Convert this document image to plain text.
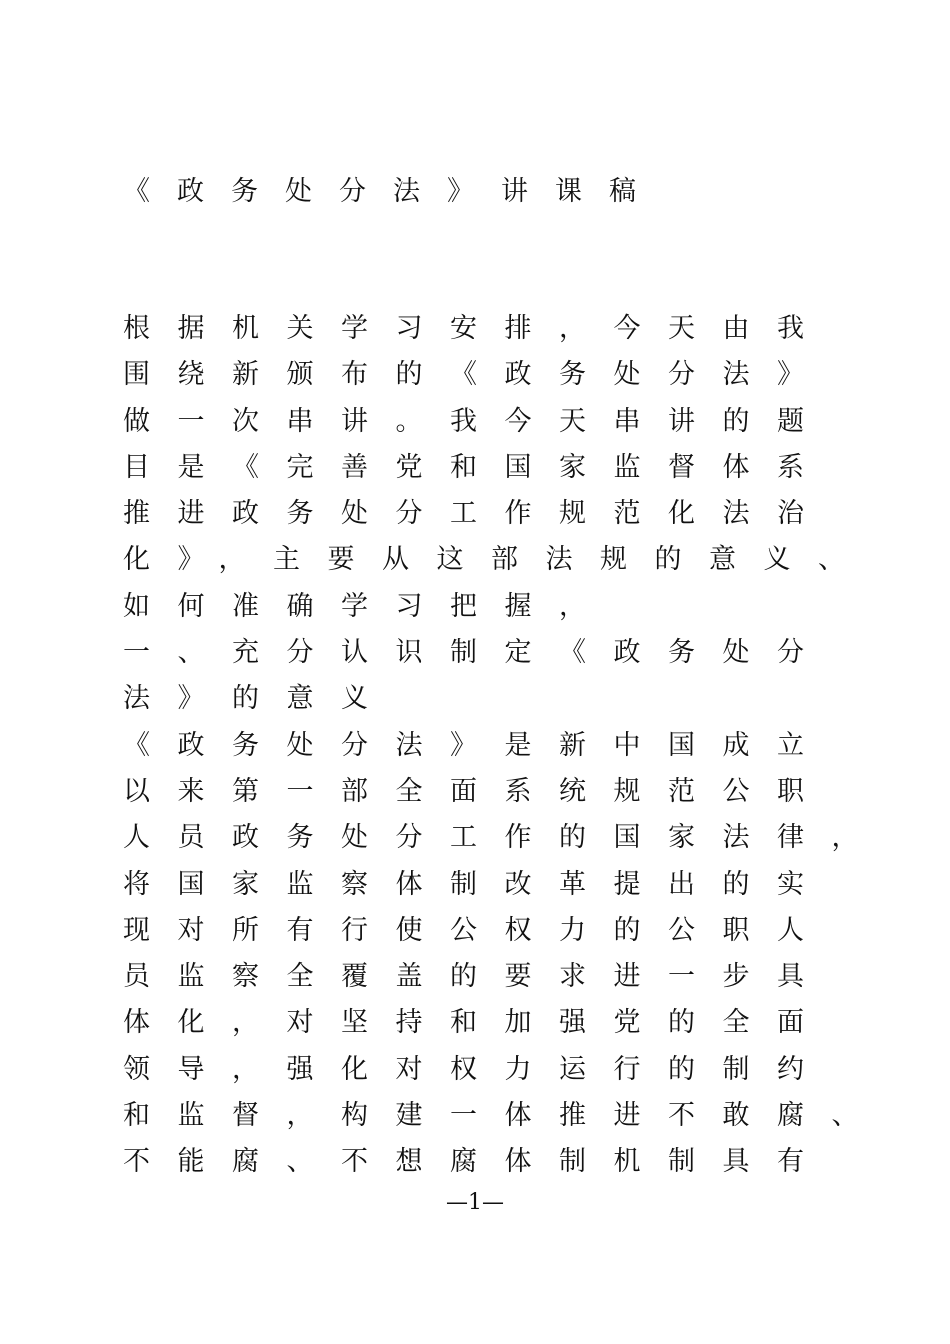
《政务处分法》讲课稿
根据机关学习安排，今天由我
围绕新颁布的《政务处分法》
做一次串讲。我今天串讲的题
目是《完善党和国家监督体系
推进政务处分工作规范化法治
化》，主要从这部法规的意义、
如何准确学习把握，
一、充分认识制定《政务处分
法》的意义
《政务处分法》是新中国成立
以来第一部全面系统规范公职
人员政务处分工作的国家法律，
将国家监察体制改革提出的实
现对所有行使公权力的公职人
员监察全覆盖的要求进一步具
体化，对坚持和加强党的全面
领导，强化对权力运行的制约
和监督，构建一体推进不敢腐、
不能腐、不想腐体制机制具有
—1—
